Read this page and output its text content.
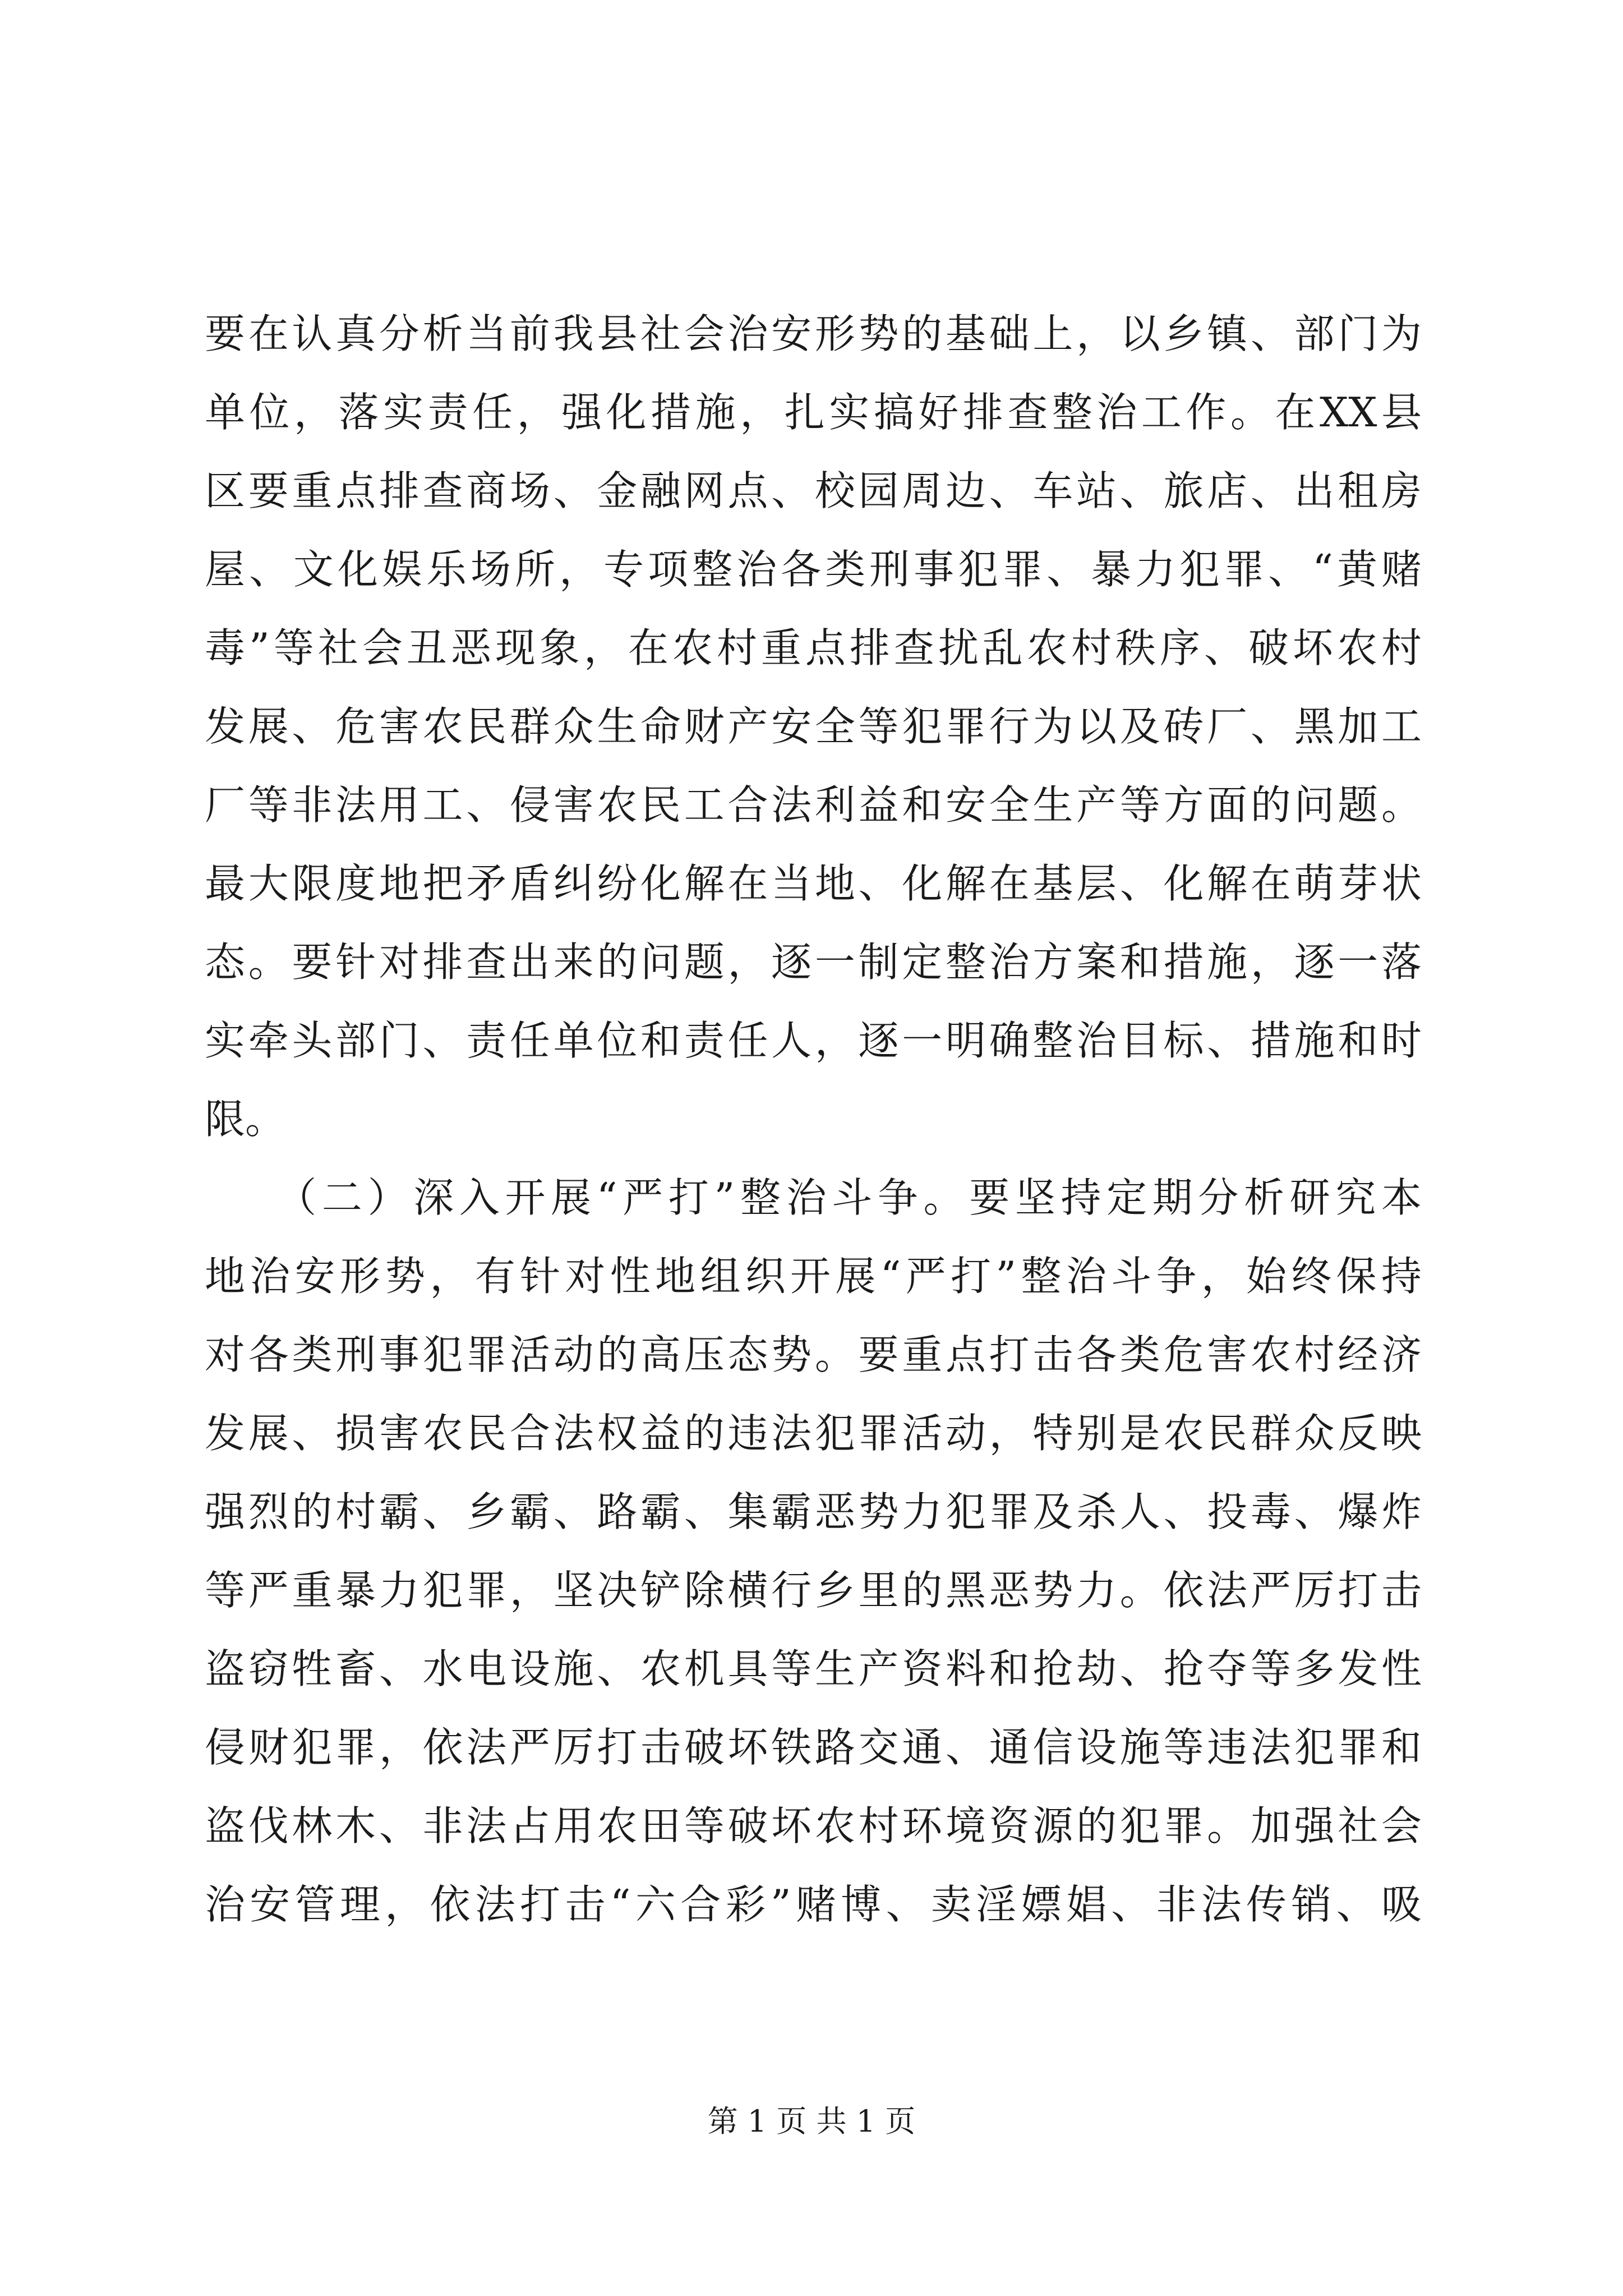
要在认真分析当前我县社会治安形势的基础上，以乡镇、部门为
单位，落实责任，强化措施，扎实搞好排查整治工作。在XX县
区要重点排查商场、金融网点、校园周边、车站、旅店、出租房
屋、文化娱乐场所，专项整治各类刑事犯罪、暴力犯罪、“黄赌
毒”等社会丑恶现象，在农村重点排查扰乱农村秩序、破坏农村
发展、危害农民群众生命财产安全等犯罪行为以及砖厂、黑加工
厂等非法用工、侵害农民工合法利益和安全生产等方面的问题。
最大限度地把矛盾纠纷化解在当地、化解在基层、化解在萌芽状
态。要针对排查出来的问题，逐一制定整治方案和措施，逐一落
实牵头部门、责任单位和责任人，逐一明确整治目标、措施和时
限。
　　（二）深入开展“严打”整治斗争。要坚持定期分析研究本
地治安形势，有针对性地组织开展“严打”整治斗争，始终保持
对各类刑事犯罪活动的高压态势。要重点打击各类危害农村经济
发展、损害农民合法权益的违法犯罪活动，特别是农民群众反映
强烈的村霸、乡霸、路霸、集霸恶势力犯罪及杀人、投毒、爆炸
等严重暴力犯罪，坚决铲除横行乡里的黑恶势力。依法严厉打击
盗窃牲畜、水电设施、农机具等生产资料和抢劫、抢夺等多发性
侵财犯罪，依法严厉打击破坏铁路交通、通信设施等违法犯罪和
盗伐林木、非法占用农田等破坏农村环境资源的犯罪。加强社会
治安管理，依法打击“六合彩”赌博、卖淫嫖娼、非法传销、吸
第 1 页 共 1 页
